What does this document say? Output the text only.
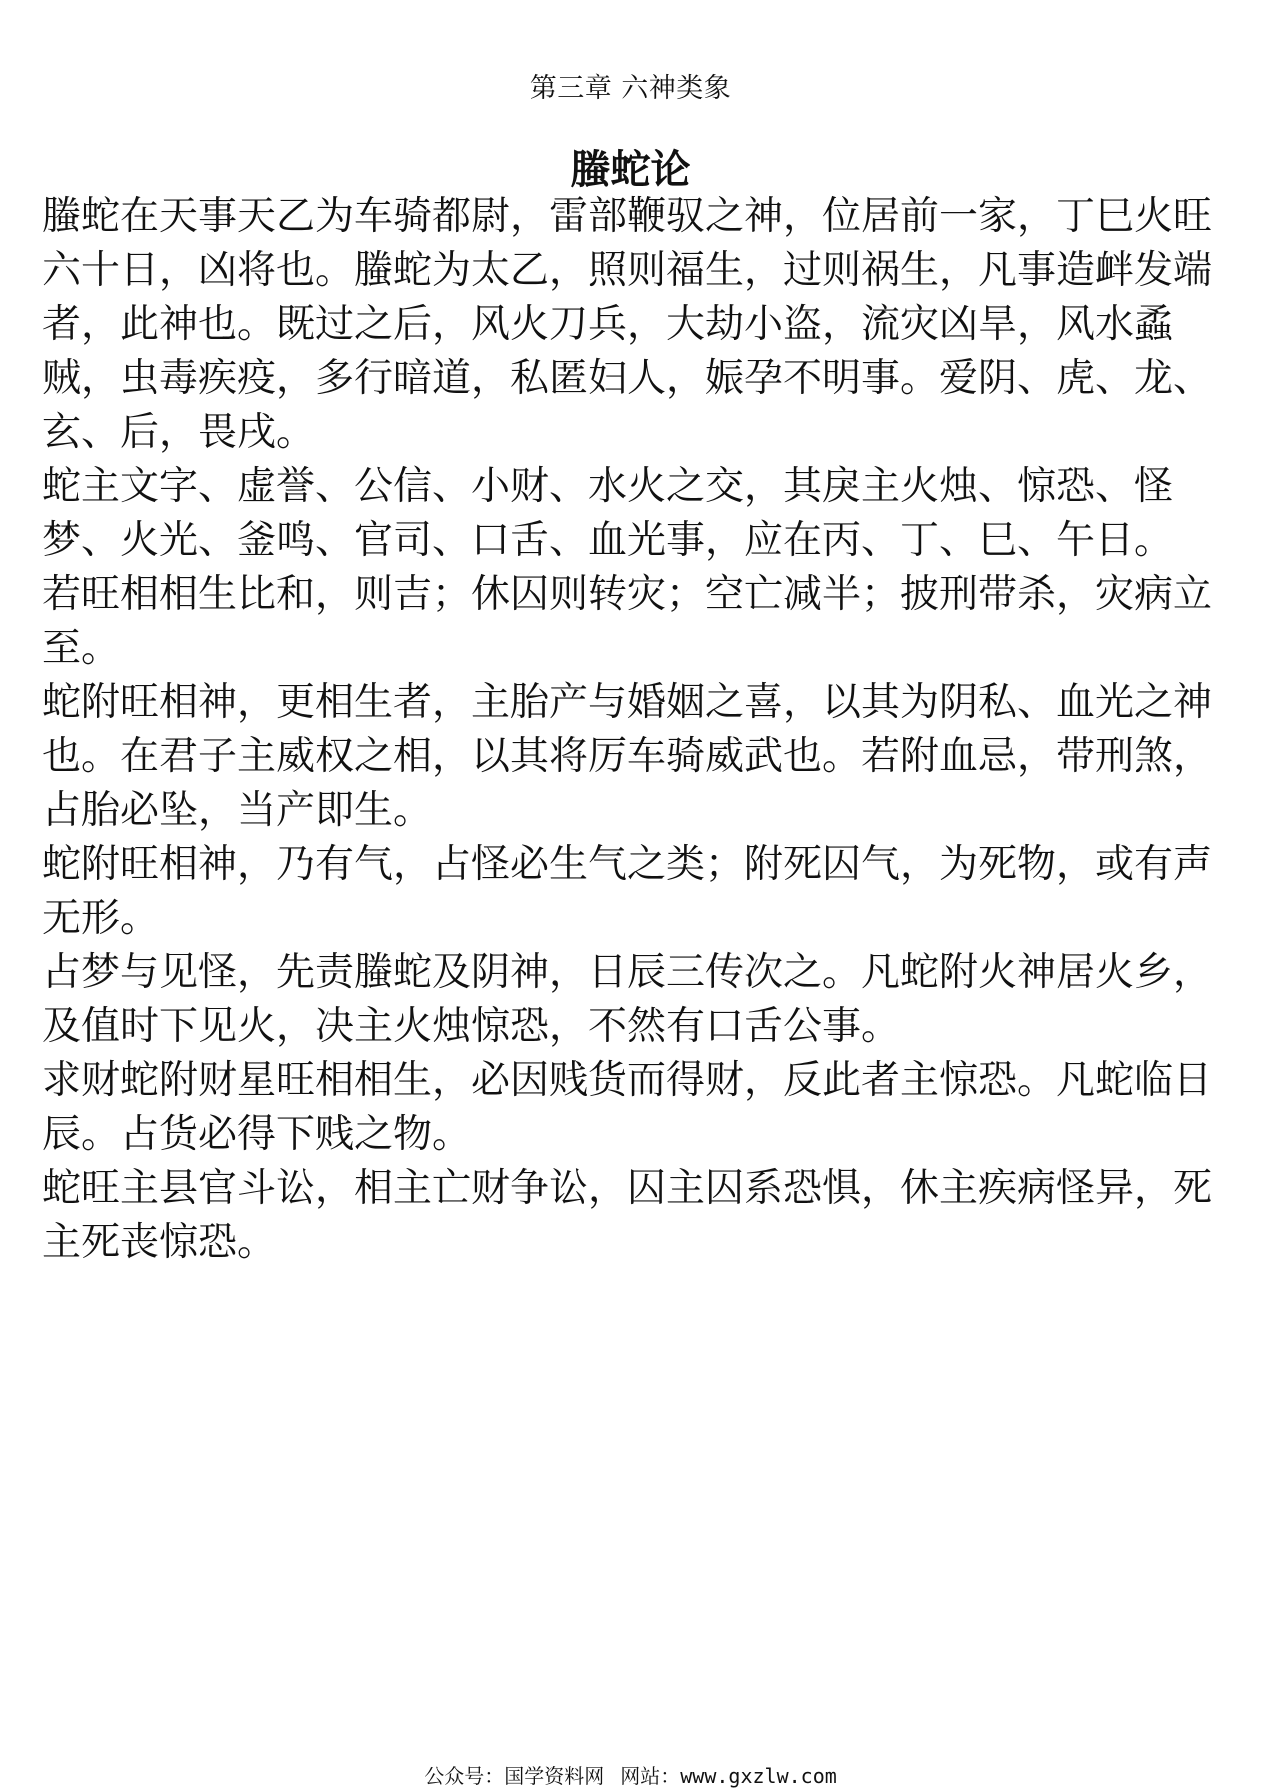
第三章 六神类象
螣蛇论

螣蛇在天事天乙为车骑都尉，雷部鞭驭之神，位居前一家，丁巳火旺六十日，凶将也。螣蛇为太乙，照则福生，过则祸生，凡事造衅发端者，此神也。既过之后，风火刀兵，大劫小盗，流灾凶旱，风水蟊贼，虫毒疾疫，多行暗道，私匿妇人，娠孕不明事。爱阴、虎、龙、玄、后，畏戌。

蛇主文字、虚誉、公信、小财、水火之交，其戾主火烛、惊恐、怪梦、火光、釜鸣、官司、口舌、血光事，应在丙、丁、巳、午日。

若旺相相生比和，则吉；休囚则转灾；空亡减半；披刑带杀，灾病立至。

蛇附旺相神，更相生者，主胎产与婚姻之喜，以其为阴私、血光之神也。在君子主威权之相，以其将厉车骑威武也。若附血忌，带刑煞，占胎必坠，当产即生。

蛇附旺相神，乃有气，占怪必生气之类；附死囚气，为死物，或有声无形。

占梦与见怪，先责螣蛇及阴神，日辰三传次之。凡蛇附火神居火乡，及值时下见火，决主火烛惊恐，不然有口舌公事。

求财蛇附财星旺相相生，必因贱货而得财，反此者主惊恐。凡蛇临日辰。占货必得下贱之物。

蛇旺主县官斗讼，相主亡财争讼，囚主囚系恐惧，休主疾病怪异，死主死丧惊恐。

公众号：国学资料网 网站：www.gxzlw.com
